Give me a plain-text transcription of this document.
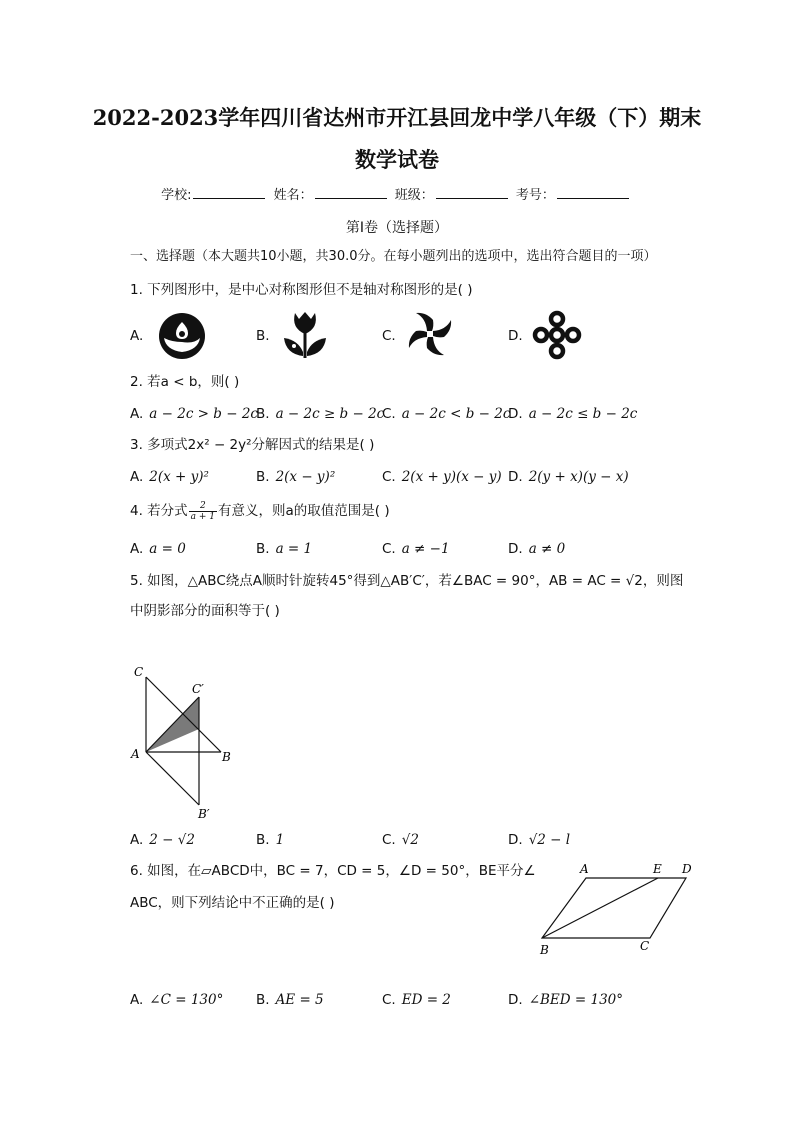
2022-2023学年四川省达州市开江县回龙中学八年级（下）期末
数学试卷
学校:	姓名：	班级：	考号：
第I卷（选择题）
一、选择题（本大题共10小题，共30.0分。在每小题列出的选项中，选出符合题目的一项）
1. 下列图形中，是中心对称图形但不是轴对称图形的是( )
A.	B.	C.	D.
2. 若a < b，则( )
A. a − 2c > b − 2c
B. a − 2c ≥ b − 2c
C. a − 2c < b − 2c
D. a − 2c ≤ b − 2c
3. 多项式2x² − 2y²分解因式的结果是( )
A. 2(x + y)²	B. 2(x − y)²	C. 2(x + y)(x − y) D. 2(y + x)(y − x)
4. 若分式 $\frac{2}{a + 1}$ 有意义，则a的取值范围是( )
A. a = 0	B. a = 1	C. a ≠ −1	D. a ≠ 0
5. 如图，△ABC绕点A顺时针旋转45°得到△AB′C′，若∠BAC = 90°，AB = AC = √2，则图
中阴影部分的面积等于( )
C
C′
A	B
B′
A. 2 − √2	B. 1	C. √2	D. √2 − l
6. 如图，在▱ABCD中，BC = 7，CD = 5，∠D = 50°，BE平分∠
ABC，则下列结论中不正确的是( )
A	E D
B	C
A. ∠C = 130° B. AE = 5	C. ED = 2	D. ∠BED = 130°
